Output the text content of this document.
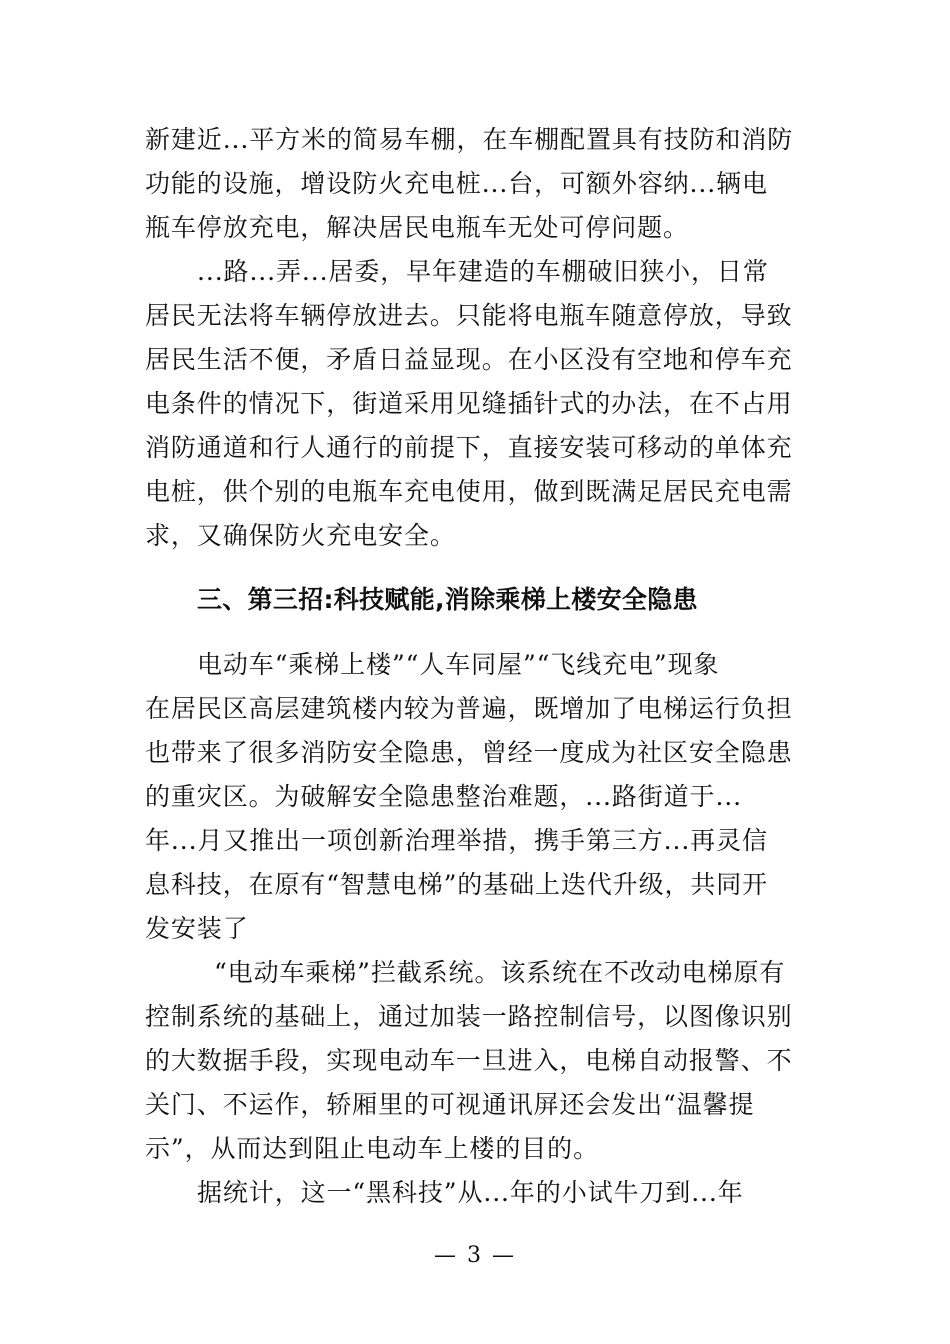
新建近...平方米的简易车棚，在车棚配置具有技防和消防
功能的设施，增设防火充电桩...台，可额外容纳...辆电
瓶车停放充电，解决居民电瓶车无处可停问题。
...路...弄...居委，早年建造的车棚破旧狭小，日常
居民无法将车辆停放进去。只能将电瓶车随意停放，导致
居民生活不便，矛盾日益显现。在小区没有空地和停车充
电条件的情况下，街道采用见缝插针式的办法，在不占用
消防通道和行人通行的前提下，直接安装可移动的单体充
电桩，供个别的电瓶车充电使用，做到既满足居民充电需
求，又确保防火充电安全。
三、第三招:科技赋能,消除乘梯上楼安全隐患
电动车“乘梯上楼”“人车同屋”“飞线充电”现象
在居民区高层建筑楼内较为普遍，既增加了电梯运行负担
也带来了很多消防安全隐患，曾经一度成为社区安全隐患
的重灾区。为破解安全隐患整治难题，...路街道于...
年...月又推出一项创新治理举措，携手第三方...再灵信
息科技，在原有“智慧电梯”的基础上迭代升级，共同开
发安装了
“电动车乘梯”拦截系统。该系统在不改动电梯原有
控制系统的基础上，通过加装一路控制信号，以图像识别
的大数据手段，实现电动车一旦进入，电梯自动报警、不
关门、不运作，轿厢里的可视通讯屏还会发出“温馨提
示”，从而达到阻止电动车上楼的目的。
据统计，这一“黑科技”从...年的小试牛刀到...年
— 3 —
